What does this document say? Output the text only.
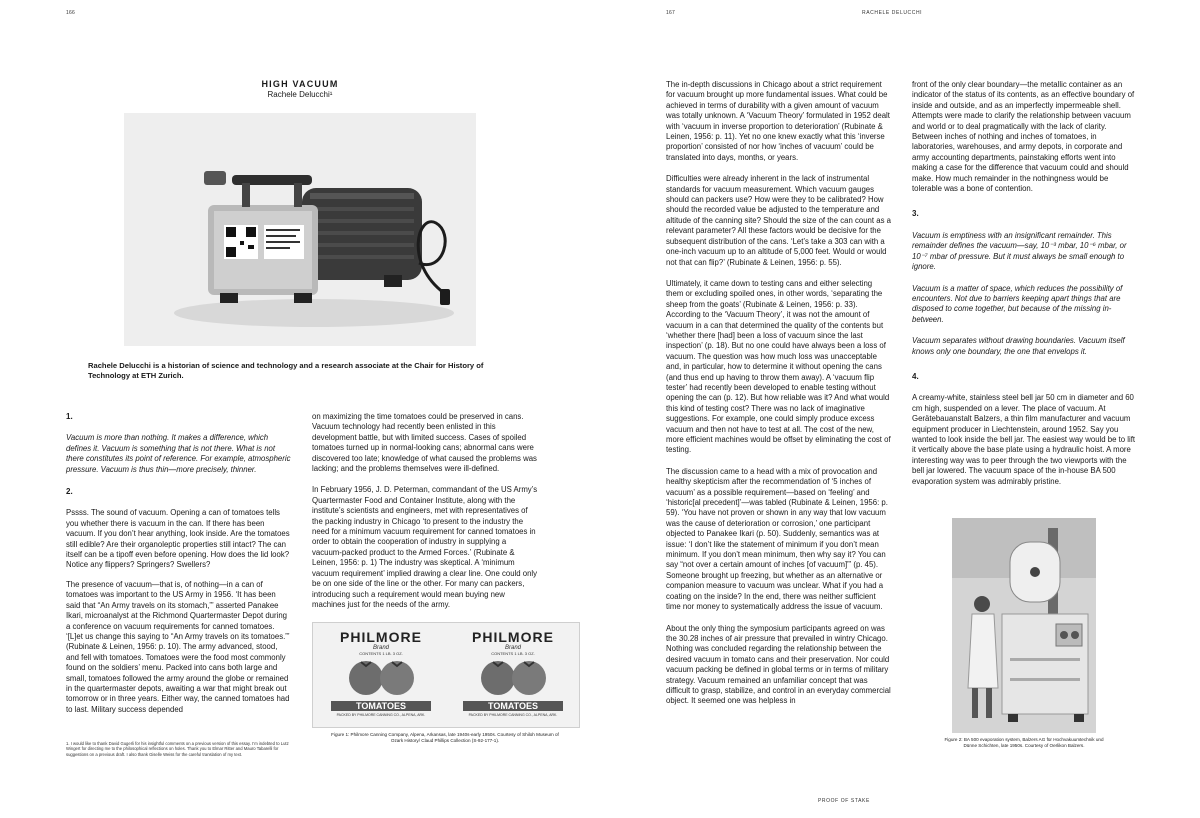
166
HIGH VACUUM
Rachele Delucchi¹
Rachele Delucchi is a historian of science and technology and a research associate at the Chair for History of Technology at ETH Zurich.

1.

Vacuum is more than nothing. It makes a difference, which defines it. Vacuum is something that is not there. What is not there constitutes its point of reference. For example, atmospheric pressure. Vacuum is thus thin—more precisely, thinner.

2.

Pssss. The sound of vacuum. Opening a can of tomatoes tells you whether there is vacuum in the can. If there has been vacuum. If you don’t hear anything, look inside. Are the tomatoes still edible? Are their organoleptic properties still intact? The can itself can be a tipoff even before opening. How does the lid look? Notice any flippers? Springers? Swellers?

The presence of vacuum—that is, of nothing—in a can of tomatoes was important to the US Army in 1956. ‘It has been said that “An Army travels on its stomach,”’ asserted Panakee Ikari, microanalyst at the Richmond Quartermaster Depot during a conference on vacuum requirements for canned tomatoes. ‘[L]et us change this saying to “An Army travels on its tomatoes.”’ (Rubinate & Leinen, 1956: p. 10). The army advanced, stood, and fell with tomatoes. Tomatoes were the food most commonly found on the soldiers’ menu. Packed into cans both large and small, tomatoes followed the army around the globe or remained in the quartermaster depots, awaiting a war that might break out tomorrow or in three years. Either way, the canned tomatoes had to last. Military success depended

on maximizing the time tomatoes could be preserved in cans. Vacuum technology had recently been enlisted in this development battle, but with limited success. Cases of spoiled tomatoes turned up in normal-looking cans; abnormal cans were discovered too late; knowledge of what caused the problems was lacking; and the problems themselves were ill-defined.

In February 1956, J. D. Peterman, commandant of the US Army’s Quartermaster Food and Container Institute, along with the institute’s scientists and engineers, met with representatives of the packing industry in Chicago ‘to present to the industry the need for a minimum vacuum requirement for canned tomatoes in order to obtain the cooperation of industry in supplying a vacuum-packed product to the Armed Forces.’ (Rubinate & Leinen, 1956: p. 1) The industry was skeptical. A ‘minimum vacuum requirement’ implied drawing a clear line. One could only be on one side of the line or the other. For many can packers, introducing such a requirement would mean buying new machines just for the needs of the army.

PHILMORE
Brand
CONTENTS 1 LB. 3 OZ.
TOMATOES
PACKED BY PHILMORE CANNING CO., ALPENA, ARK.
PHILMORE
Brand
CONTENTS 1 LB. 3 OZ.
TOMATOES
PACKED BY PHILMORE CANNING CO., ALPENA, ARK.
Figure 1: Philmore Canning Company, Alpena, Arkansas, late 1940s-early 1950s. Courtesy of Shiloh Museum of Ozark History/ Claud Phillips Collection (S-92-177-1).
1. I would like to thank David Gugerli for his insightful comments on a previous version of this essay. I’m indebted to Lutz Wingert for directing me to the philosophical reflections on holes. Thank you to Elmar Ritter and Mauro Tabarelli for suggestions on a previous draft. I also thank Giselle Weiss for the careful translation of my text.
167	RACHELE DELUCCHI

The in-depth discussions in Chicago about a strict requirement for vacuum brought up more fundamental issues. What could be achieved in terms of durability with a given amount of vacuum was totally unknown. A ‘Vacuum Theory’ formulated in 1952 dealt with ‘vacuum in inverse proportion to deterioration’ (Rubinate & Leinen, 1956: p. 11). Yet no one knew exactly what this ‘inverse proportion’ consisted of nor how ‘inches of vacuum’ could be translated into days, months, or years.

Difficulties were already inherent in the lack of instrumental standards for vacuum measurement. Which vacuum gauges should can packers use? How were they to be calibrated? How should the recorded value be adjusted to the temperature and altitude of the canning site? Should the size of the can count as a relevant parameter? All these factors would be decisive for the subsequent distribution of the cans. ‘Let’s take a 303 can with a one-inch vacuum up to an altitude of 5,000 feet. Would or would not that can flip?’ (Rubinate & Leinen, 1956: p. 55).

Ultimately, it came down to testing cans and either selecting them or excluding spoiled ones, in other words, ‘separating the sheep from the goats’ (Rubinate & Leinen, 1956: p. 33). According to the ‘Vacuum Theory’, it was not the amount of vacuum in a can that determined the quality of the contents but ‘whether there [had] been a loss of vacuum since the last inspection’ (p. 18). But no one could have always been a loss of vacuum. The question was how much loss was unacceptable and, in particular, how to determine it without opening the cans (and thus end up having to throw them away). A ‘vacuum flip tester’ had recently been developed to enable testing without opening the can (p. 12). But how reliable was it? And what would this kind of testing cost? There was no lack of imaginative suggestions. For example, one could simply produce excess vacuum and then not have to test at all. The cost of the new, more efficient machines would be offset by eliminating the cost of testing.

The discussion came to a head with a mix of provocation and healthy skepticism after the recommendation of ‘5 inches of vacuum’ as a possible requirement—based on ‘feeling’ and ‘historic[al precedent]’—was tabled (Rubinate & Leinen, 1956: p. 59). ‘You have not proven or shown in any way that low vacuum was the cause of deterioration or corrosion,’ one participant objected to Panakee Ikari (p. 50). Suddenly, semantics was at issue: ‘I don’t like the statement of minimum if you don’t mean minimum. If you don’t mean minimum, then why say it? You can say “not over a certain amount of inches [of vacuum]”’ (p. 45). Someone brought up freezing, but whether as an alternative or companion measure to vacuum was unclear. What if you had a coating on the inside? In the end, there was neither sufficient time nor money to systematically address the issue of vacuum.

About the only thing the symposium participants agreed on was the 30.28 inches of air pressure that prevailed in wintry Chicago. Nothing was concluded regarding the relationship between the desired vacuum in tomato cans and their preservation. Nor could vacuum packing be defined in global terms or in terms of military strategy. Vacuum remained an unfamiliar concept that was difficult to grasp, stabilize, and control in an everyday commercial object. It seemed one was helpless in

front of the only clear boundary—the metallic container as an indicator of the status of its contents, as an effective boundary of inside and outside, and as an imperfectly impermeable shell. Attempts were made to clarify the relationship between vacuum and world or to deal pragmatically with the lack of clarity. Between inches of nothing and inches of tomatoes, in laboratories, warehouses, and army depots, in corporate and army accounting departments, painstaking efforts went into making a case for the difference that vacuum could and should make. How much remainder in the nothingness would be tolerable was a bone of contention.

3.

Vacuum is emptiness with an insignificant remainder. This remainder defines the vacuum—say, 10⁻³ mbar, 10⁻⁶ mbar, or 10⁻⁷ mbar of pressure. But it must always be small enough to ignore.

Vacuum is a matter of space, which reduces the possibility of encounters. Not due to barriers keeping apart things that are disposed to come together, but because of the missing in-between.

Vacuum separates without drawing boundaries. Vacuum itself knows only one boundary, the one that envelops it.

4.

A creamy-white, stainless steel bell jar 50 cm in diameter and 60 cm high, suspended on a lever. The place of vacuum. At Gerätebauanstalt Balzers, a thin film manufacturer and vacuum equipment producer in Liechtenstein, around 1952. Say you wanted to look inside the bell jar. The easiest way would be to lift it vertically above the base plate using a hydraulic hoist. A more interesting way was to peer through the two viewports with the bell jar lowered. The vacuum space of the in-house BA 500 evaporation system was admirably pristine.

Figure 2: BA 500 evaporation system, Balzers AG für Hochvakuumtechnik und Dünne Schichten, late 1950s. Courtesy of Oerlikon Balzers.
PROOF OF STAKE
